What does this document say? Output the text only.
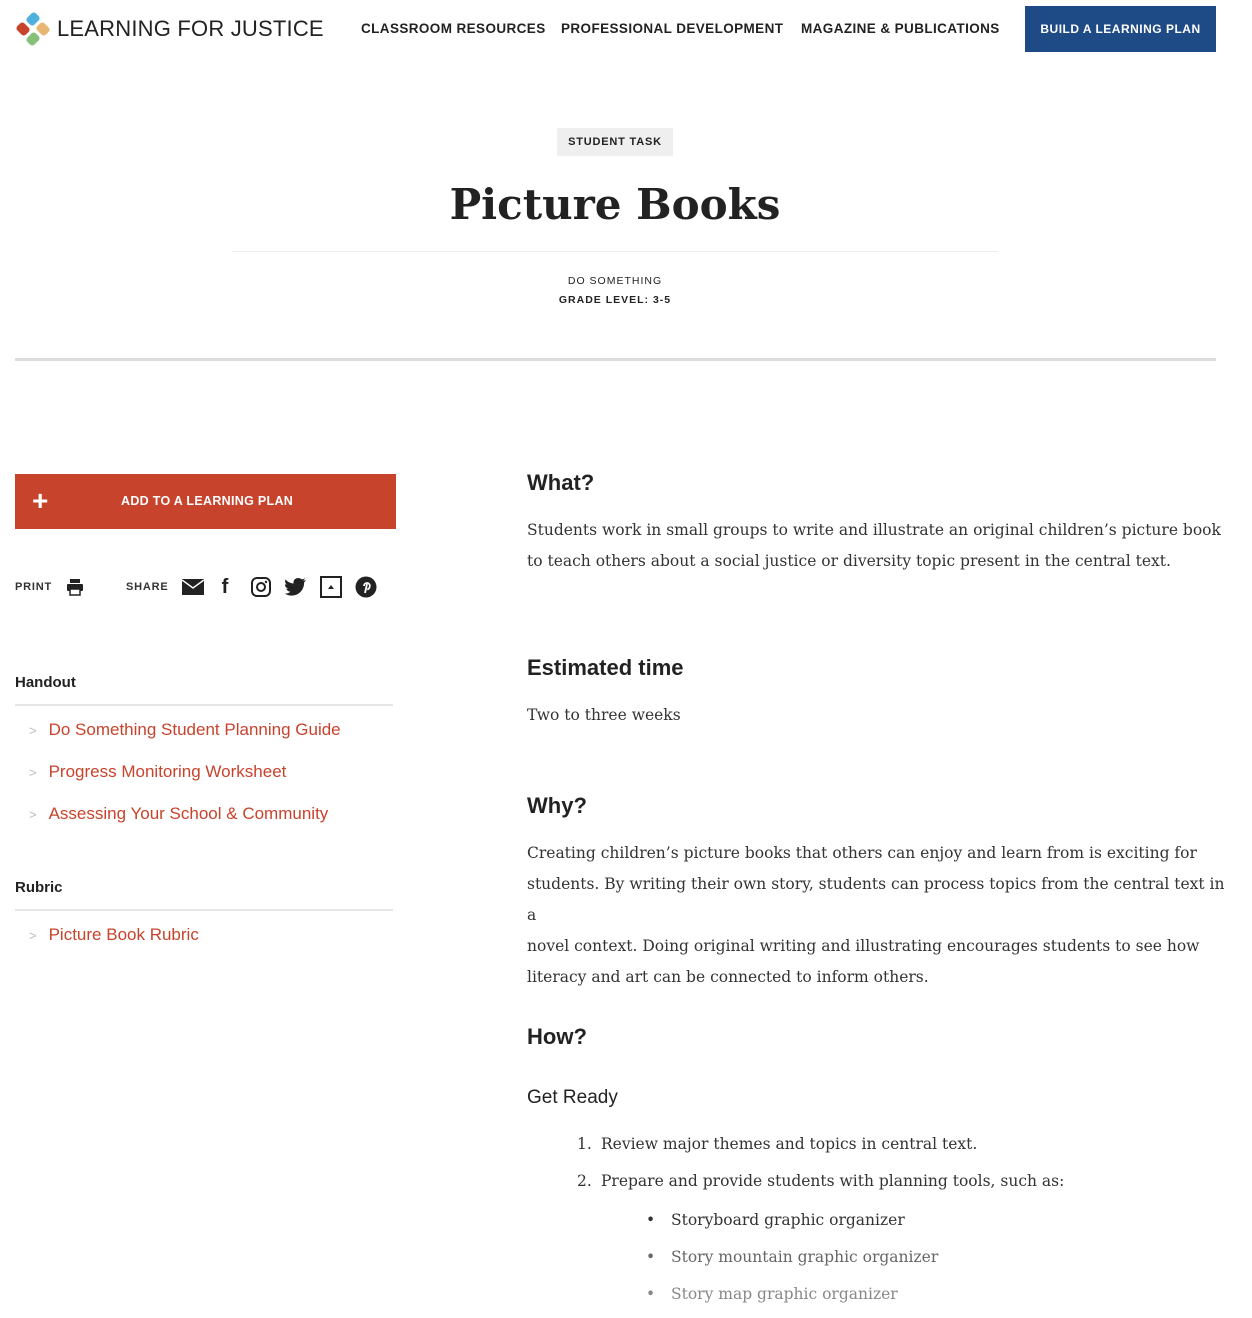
LEARNING FOR JUSTICE	CLASSROOM RESOURCES PROFESSIONAL DEVELOPMENT MAGAZINE & PUBLICATIONS	BUILD A LEARNING PLAN
STUDENT TASK
Picture Books
DO SOMETHING
GRADE LEVEL: 3-5
+	ADD TO A LEARNING PLAN
PRINT	SHARE	f
Handout
> Do Something Student Planning Guide
> Progress Monitoring Worksheet
> Assessing Your School & Community
Rubric
> Picture Book Rubric
What?
Students work in small groups to write and illustrate an original children’s picture book
to teach others about a social justice or diversity topic present in the central text.
Estimated time
Two to three weeks
Why?
Creating children’s picture books that others can enjoy and learn from is exciting for
students. By writing their own story, students can process topics from the central text in a
novel context. Doing original writing and illustrating encourages students to see how
literacy and art can be connected to inform others.
How?
Get Ready
1. Review major themes and topics in central text.
2. Prepare and provide students with planning tools, such as:
• Storyboard graphic organizer
• Story mountain graphic organizer
• Story map graphic organizer
